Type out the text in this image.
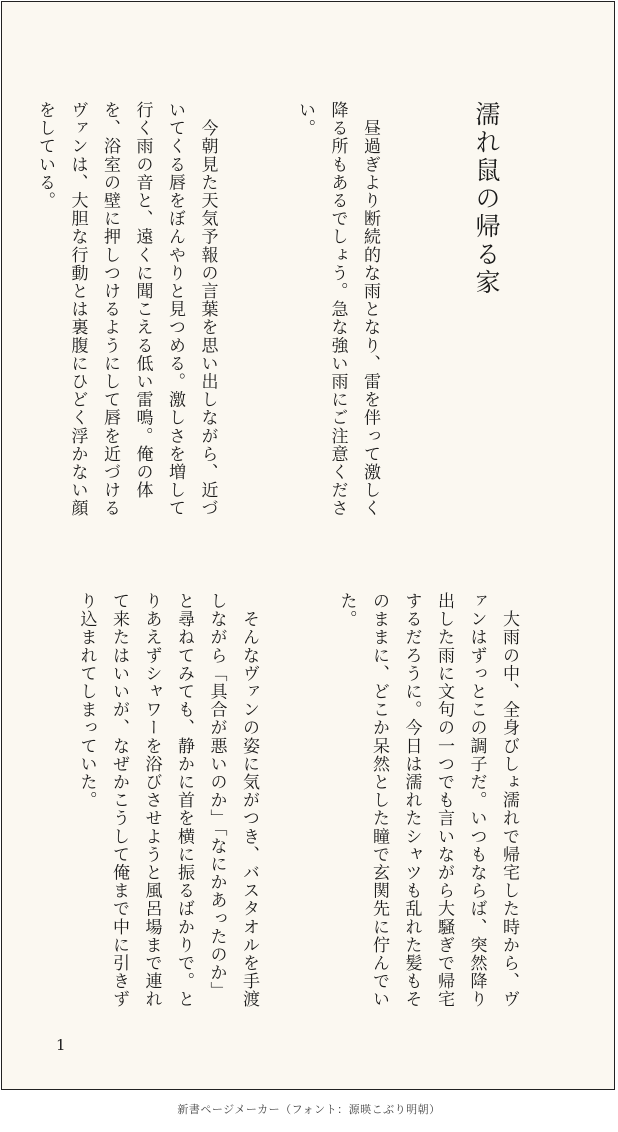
濡れ鼠の帰る家

　昼過ぎより断続的な雨となり、雷を伴って激しく降る所もあるでしょう。急な強い雨にご注意ください。

　今朝見た天気予報の言葉を思い出しながら、近づいてくる唇をぼんやりと見つめる。激しさを増して行く雨の音と、遠くに聞こえる低い雷鳴。俺の体を、浴室の壁に押しつけるようにして唇を近づけるヴァンは、大胆な行動とは裏腹にひどく浮かない顔をしている。

　大雨の中、全身びしょ濡れで帰宅した時から、ヴァンはずっとこの調子だ。いつもならば、突然降り出した雨に文句の一つでも言いながら大騒ぎで帰宅するだろうに。今日は濡れたシャツも乱れた髪もそのままに、どこか呆然とした瞳で玄関先に佇んでいた。

　そんなヴァンの姿に気がつき、バスタオルを手渡しながら「具合が悪いのか」「なにかあったのか」と尋ねてみても、静かに首を横に振るばかりで。とりあえずシャワーを浴びさせようと風呂場まで連れて来たはいいが、なぜかこうして俺まで中に引きずり込まれてしまっていた。

1
新書ページメーカー（フォント：源暎こぶり明朝）
